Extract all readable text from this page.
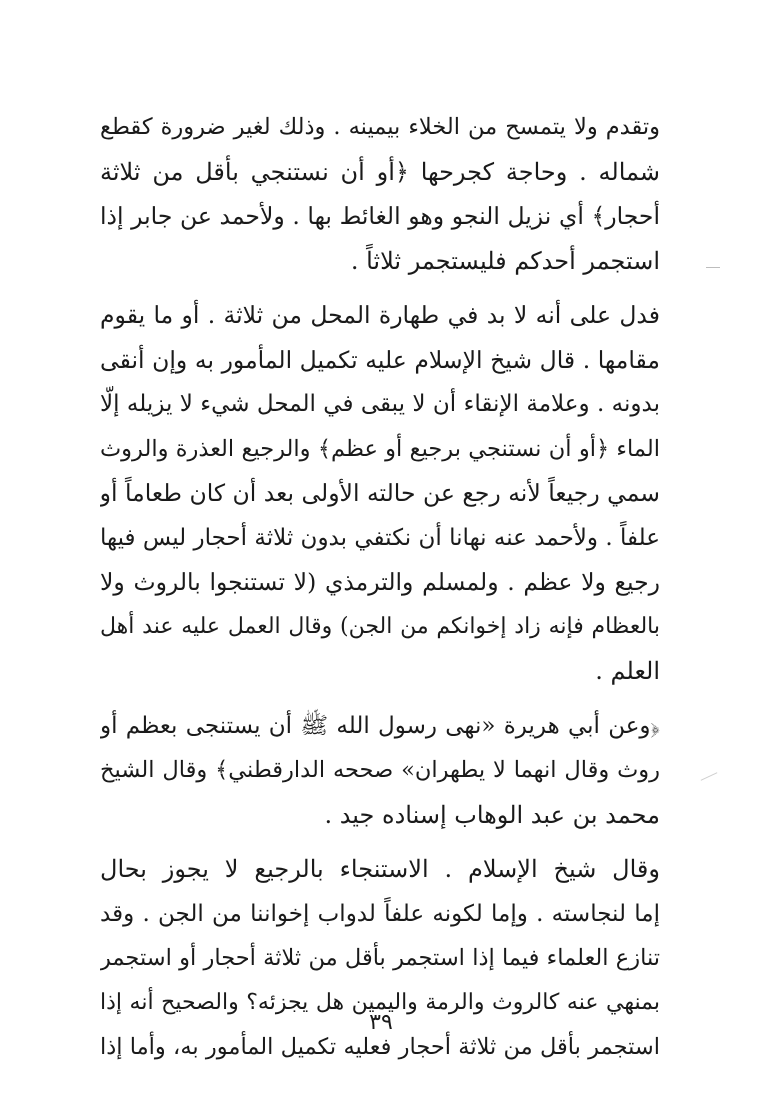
وتقدم ولا يتمسح من الخلاء بيمينه . وذلك لغير ضرورة كقطع
شماله . وحاجة كجرحها ﴿أو أن نستنجي بأقل من ثلاثة
أحجار﴾ أي نزيل النجو وهو الغائط بها . ولأحمد عن جابر إذا
استجمر أحدكم فليستجمر ثلاثاً .

فدل على أنه لا بد في طهارة المحل من ثلاثة . أو ما يقوم
مقامها . قال شيخ الإسلام عليه تكميل المأمور به وإن أنقى
بدونه . وعلامة الإنقاء أن لا يبقى في المحل شيء لا يزيله إلّا
الماء ﴿أو أن نستنجي برجيع أو عظم﴾ والرجيع العذرة والروث
سمي رجيعاً لأنه رجع عن حالته الأولى بعد أن كان طعاماً أو
علفاً . ولأحمد عنه نهانا أن نكتفي بدون ثلاثة أحجار ليس فيها
رجيع ولا عظم . ولمسلم والترمذي (لا تستنجوا بالروث ولا
بالعظام فإنه زاد إخوانكم من الجن) وقال العمل عليه عند أهل
العلم .

﴿وعن أبي هريرة «نهى رسول الله ﷺ أن يستنجى بعظم أو
روث وقال انهما لا يطهران» صححه الدارقطني﴾ وقال الشيخ
محمد بن عبد الوهاب إسناده جيد .

وقال شيخ الإسلام . الاستنجاء بالرجيع لا يجوز بحال
إما لنجاسته . وإما لكونه علفاً لدواب إخواننا من الجن . وقد
تنازع العلماء فيما إذا استجمر بأقل من ثلاثة أحجار أو استجمر
بمنهي عنه كالروث والرمة واليمين هل يجزئه؟ والصحيح أنه إذا
استجمر بأقل من ثلاثة أحجار فعليه تكميل المأمور به، وأما إذا

٣٩
